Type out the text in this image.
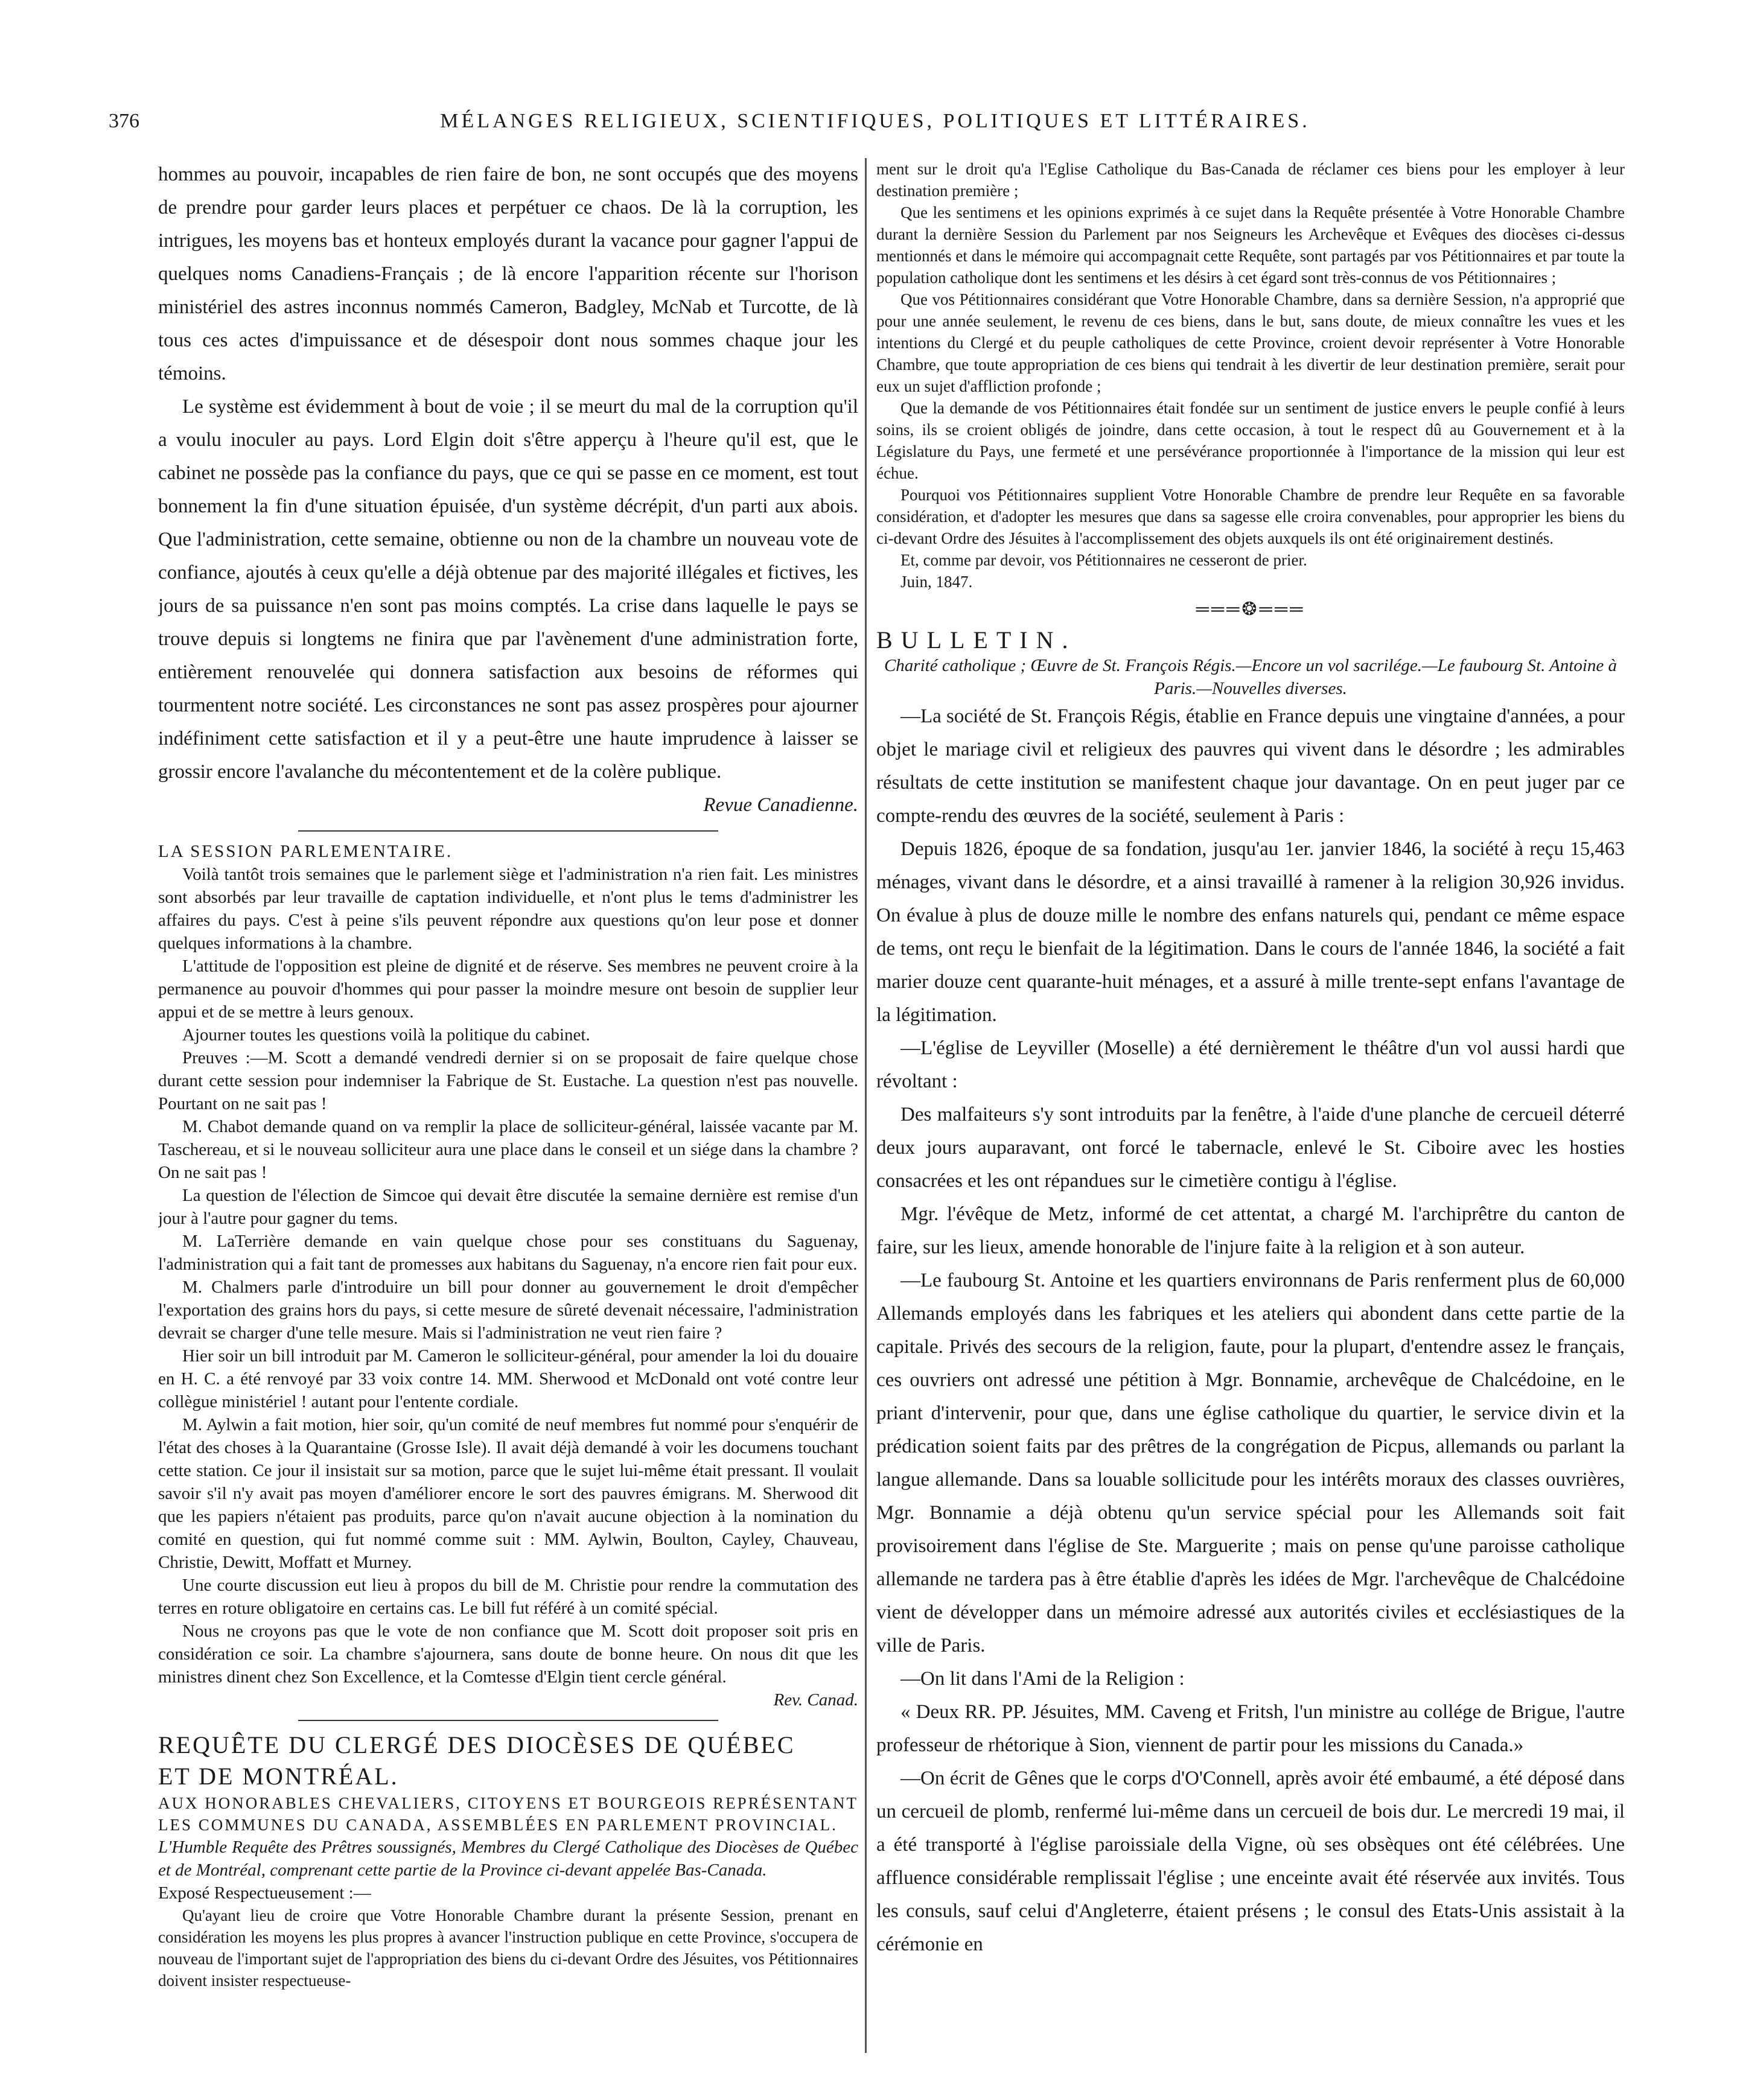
376	MÉLANGES RELIGIEUX, SCIENTIFIQUES, POLITIQUES ET LITTÉRAIRES.

hommes au pouvoir, incapables de rien faire de bon, ne sont occupés que des moyens de prendre pour garder leurs places et perpétuer ce chaos. De là la corruption, les intrigues, les moyens bas et honteux employés durant la vacance pour gagner l'appui de quelques noms Canadiens-Français ; de là encore l'apparition récente sur l'horison ministériel des astres inconnus nommés Cameron, Badgley, McNab et Turcotte, de là tous ces actes d'impuissance et de désespoir dont nous sommes chaque jour les témoins.

Le système est évidemment à bout de voie ; il se meurt du mal de la corruption qu'il a voulu inoculer au pays. Lord Elgin doit s'être apperçu à l'heure qu'il est, que le cabinet ne possède pas la confiance du pays, que ce qui se passe en ce moment, est tout bonnement la fin d'une situation épuisée, d'un système décrépit, d'un parti aux abois. Que l'administration, cette semaine, obtienne ou non de la chambre un nouveau vote de confiance, ajoutés à ceux qu'elle a déjà obtenue par des majorité illégales et fictives, les jours de sa puissance n'en sont pas moins comptés. La crise dans laquelle le pays se trouve depuis si longtems ne finira que par l'avènement d'une administration forte, entièrement renouvelée qui donnera satisfaction aux besoins de réformes qui tourmentent notre société. Les circonstances ne sont pas assez prospères pour ajourner indéfiniment cette satisfaction et il y a peut-être une haute imprudence à laisser se grossir encore l'avalanche du mécontentement et de la colère publique.

Revue Canadienne.

LA SESSION PARLEMENTAIRE.

Voilà tantôt trois semaines que le parlement siège et l'administration n'a rien fait. Les ministres sont absorbés par leur travaille de captation individuelle, et n'ont plus le tems d'administrer les affaires du pays. C'est à peine s'ils peuvent répondre aux questions qu'on leur pose et donner quelques informations à la chambre.

L'attitude de l'opposition est pleine de dignité et de réserve. Ses membres ne peuvent croire à la permanence au pouvoir d'hommes qui pour passer la moindre mesure ont besoin de supplier leur appui et de se mettre à leurs genoux.

Ajourner toutes les questions voilà la politique du cabinet.

Preuves :—M. Scott a demandé vendredi dernier si on se proposait de faire quelque chose durant cette session pour indemniser la Fabrique de St. Eustache. La question n'est pas nouvelle. Pourtant on ne sait pas !

M. Chabot demande quand on va remplir la place de solliciteur-général, laissée vacante par M. Taschereau, et si le nouveau solliciteur aura une place dans le conseil et un siége dans la chambre ? On ne sait pas !

La question de l'élection de Simcoe qui devait être discutée la semaine dernière est remise d'un jour à l'autre pour gagner du tems.

M. LaTerrière demande en vain quelque chose pour ses constituans du Saguenay, l'administration qui a fait tant de promesses aux habitans du Saguenay, n'a encore rien fait pour eux.

M. Chalmers parle d'introduire un bill pour donner au gouvernement le droit d'empêcher l'exportation des grains hors du pays, si cette mesure de sûreté devenait nécessaire, l'administration devrait se charger d'une telle mesure. Mais si l'administration ne veut rien faire ?

Hier soir un bill introduit par M. Cameron le solliciteur-général, pour amender la loi du douaire en H. C. a été renvoyé par 33 voix contre 14. MM. Sherwood et McDonald ont voté contre leur collègue ministériel ! autant pour l'entente cordiale.

M. Aylwin a fait motion, hier soir, qu'un comité de neuf membres fut nommé pour s'enquérir de l'état des choses à la Quarantaine (Grosse Isle). Il avait déjà demandé à voir les documens touchant cette station. Ce jour il insistait sur sa motion, parce que le sujet lui-même était pressant. Il voulait savoir s'il n'y avait pas moyen d'améliorer encore le sort des pauvres émigrans. M. Sherwood dit que les papiers n'étaient pas produits, parce qu'on n'avait aucune objection à la nomination du comité en question, qui fut nommé comme suit : MM. Aylwin, Boulton, Cayley, Chauveau, Christie, Dewitt, Moffatt et Murney.

Une courte discussion eut lieu à propos du bill de M. Christie pour rendre la commutation des terres en roture obligatoire en certains cas. Le bill fut référé à un comité spécial.

Nous ne croyons pas que le vote de non confiance que M. Scott doit proposer soit pris en considération ce soir. La chambre s'ajournera, sans doute de bonne heure. On nous dit que les ministres dinent chez Son Excellence, et la Comtesse d'Elgin tient cercle général.

Rev. Canad.

REQUÊTE DU CLERGÉ DES DIOCÈSES DE QUÉBEC

ET DE MONTRÉAL.

AUX HONORABLES CHEVALIERS, CITOYENS ET BOURGEOIS REPRÉSENTANT LES COMMUNES DU CANADA, ASSEMBLÉES EN PARLEMENT PROVINCIAL.

L'Humble Requête des Prêtres soussignés, Membres du Clergé Catholique des Diocèses de Québec et de Montréal, comprenant cette partie de la Province ci-devant appelée Bas-Canada.

Exposé Respectueusement :—

Qu'ayant lieu de croire que Votre Honorable Chambre durant la présente Session, prenant en considération les moyens les plus propres à avancer l'instruction publique en cette Province, s'occupera de nouveau de l'important sujet de l'appropriation des biens du ci-devant Ordre des Jésuites, vos Pétitionnaires doivent insister respectueuse-

ment sur le droit qu'a l'Eglise Catholique du Bas-Canada de réclamer ces biens pour les employer à leur destination première ;

Que les sentimens et les opinions exprimés à ce sujet dans la Requête présentée à Votre Honorable Chambre durant la dernière Session du Parlement par nos Seigneurs les Archevêque et Evêques des diocèses ci-dessus mentionnés et dans le mémoire qui accompagnait cette Requête, sont partagés par vos Pétitionnaires et par toute la population catholique dont les sentimens et les désirs à cet égard sont très-connus de vos Pétitionnaires ;

Que vos Pétitionnaires considérant que Votre Honorable Chambre, dans sa dernière Session, n'a approprié que pour une année seulement, le revenu de ces biens, dans le but, sans doute, de mieux connaître les vues et les intentions du Clergé et du peuple catholiques de cette Province, croient devoir représenter à Votre Honorable Chambre, que toute appropriation de ces biens qui tendrait à les divertir de leur destination première, serait pour eux un sujet d'affliction profonde ;

Que la demande de vos Pétitionnaires était fondée sur un sentiment de justice envers le peuple confié à leurs soins, ils se croient obligés de joindre, dans cette occasion, à tout le respect dû au Gouvernement et à la Législature du Pays, une fermeté et une persévérance proportionnée à l'importance de la mission qui leur est échue.

Pourquoi vos Pétitionnaires supplient Votre Honorable Chambre de prendre leur Requête en sa favorable considération, et d'adopter les mesures que dans sa sagesse elle croira convenables, pour approprier les biens du ci-devant Ordre des Jésuites à l'accomplissement des objets auxquels ils ont été originairement destinés.

Et, comme par devoir, vos Pétitionnaires ne cesseront de prier.

Juin, 1847.

═══❂═══

BULLETIN.

Charité catholique ; Œuvre de St. François Régis.—Encore un vol sacrilége.—Le faubourg St. Antoine à Paris.—Nouvelles diverses.

—La société de St. François Régis, établie en France depuis une vingtaine d'années, a pour objet le mariage civil et religieux des pauvres qui vivent dans le désordre ; les admirables résultats de cette institution se manifestent chaque jour davantage. On en peut juger par ce compte-rendu des œuvres de la société, seulement à Paris :

Depuis 1826, époque de sa fondation, jusqu'au 1er. janvier 1846, la société à reçu 15,463 ménages, vivant dans le désordre, et a ainsi travaillé à ramener à la religion 30,926 invidus. On évalue à plus de douze mille le nombre des enfans naturels qui, pendant ce même espace de tems, ont reçu le bienfait de la légitimation. Dans le cours de l'année 1846, la société a fait marier douze cent quarante-huit ménages, et a assuré à mille trente-sept enfans l'avantage de la légitimation.

—L'église de Leyviller (Moselle) a été dernièrement le théâtre d'un vol aussi hardi que révoltant :

Des malfaiteurs s'y sont introduits par la fenêtre, à l'aide d'une planche de cercueil déterré deux jours auparavant, ont forcé le tabernacle, enlevé le St. Ciboire avec les hosties consacrées et les ont répandues sur le cimetière contigu à l'église.

Mgr. l'évêque de Metz, informé de cet attentat, a chargé M. l'archiprêtre du canton de faire, sur les lieux, amende honorable de l'injure faite à la religion et à son auteur.

—Le faubourg St. Antoine et les quartiers environnans de Paris renferment plus de 60,000 Allemands employés dans les fabriques et les ateliers qui abondent dans cette partie de la capitale. Privés des secours de la religion, faute, pour la plupart, d'entendre assez le français, ces ouvriers ont adressé une pétition à Mgr. Bonnamie, archevêque de Chalcédoine, en le priant d'intervenir, pour que, dans une église catholique du quartier, le service divin et la prédication soient faits par des prêtres de la congrégation de Picpus, allemands ou parlant la langue allemande. Dans sa louable sollicitude pour les intérêts moraux des classes ouvrières, Mgr. Bonnamie a déjà obtenu qu'un service spécial pour les Allemands soit fait provisoirement dans l'église de Ste. Marguerite ; mais on pense qu'une paroisse catholique allemande ne tardera pas à être établie d'après les idées de Mgr. l'archevêque de Chalcédoine vient de développer dans un mémoire adressé aux autorités civiles et ecclésiastiques de la ville de Paris.

—On lit dans l'Ami de la Religion :

« Deux RR. PP. Jésuites, MM. Caveng et Fritsh, l'un ministre au collége de Brigue, l'autre professeur de rhétorique à Sion, viennent de partir pour les missions du Canada.»

—On écrit de Gênes que le corps d'O'Connell, après avoir été embaumé, a été déposé dans un cercueil de plomb, renfermé lui-même dans un cercueil de bois dur. Le mercredi 19 mai, il a été transporté à l'église paroissiale della Vigne, où ses obsèques ont été célébrées. Une affluence considérable remplissait l'église ; une enceinte avait été réservée aux invités. Tous les consuls, sauf celui d'Angleterre, étaient présens ; le consul des Etats-Unis assistait à la cérémonie en
